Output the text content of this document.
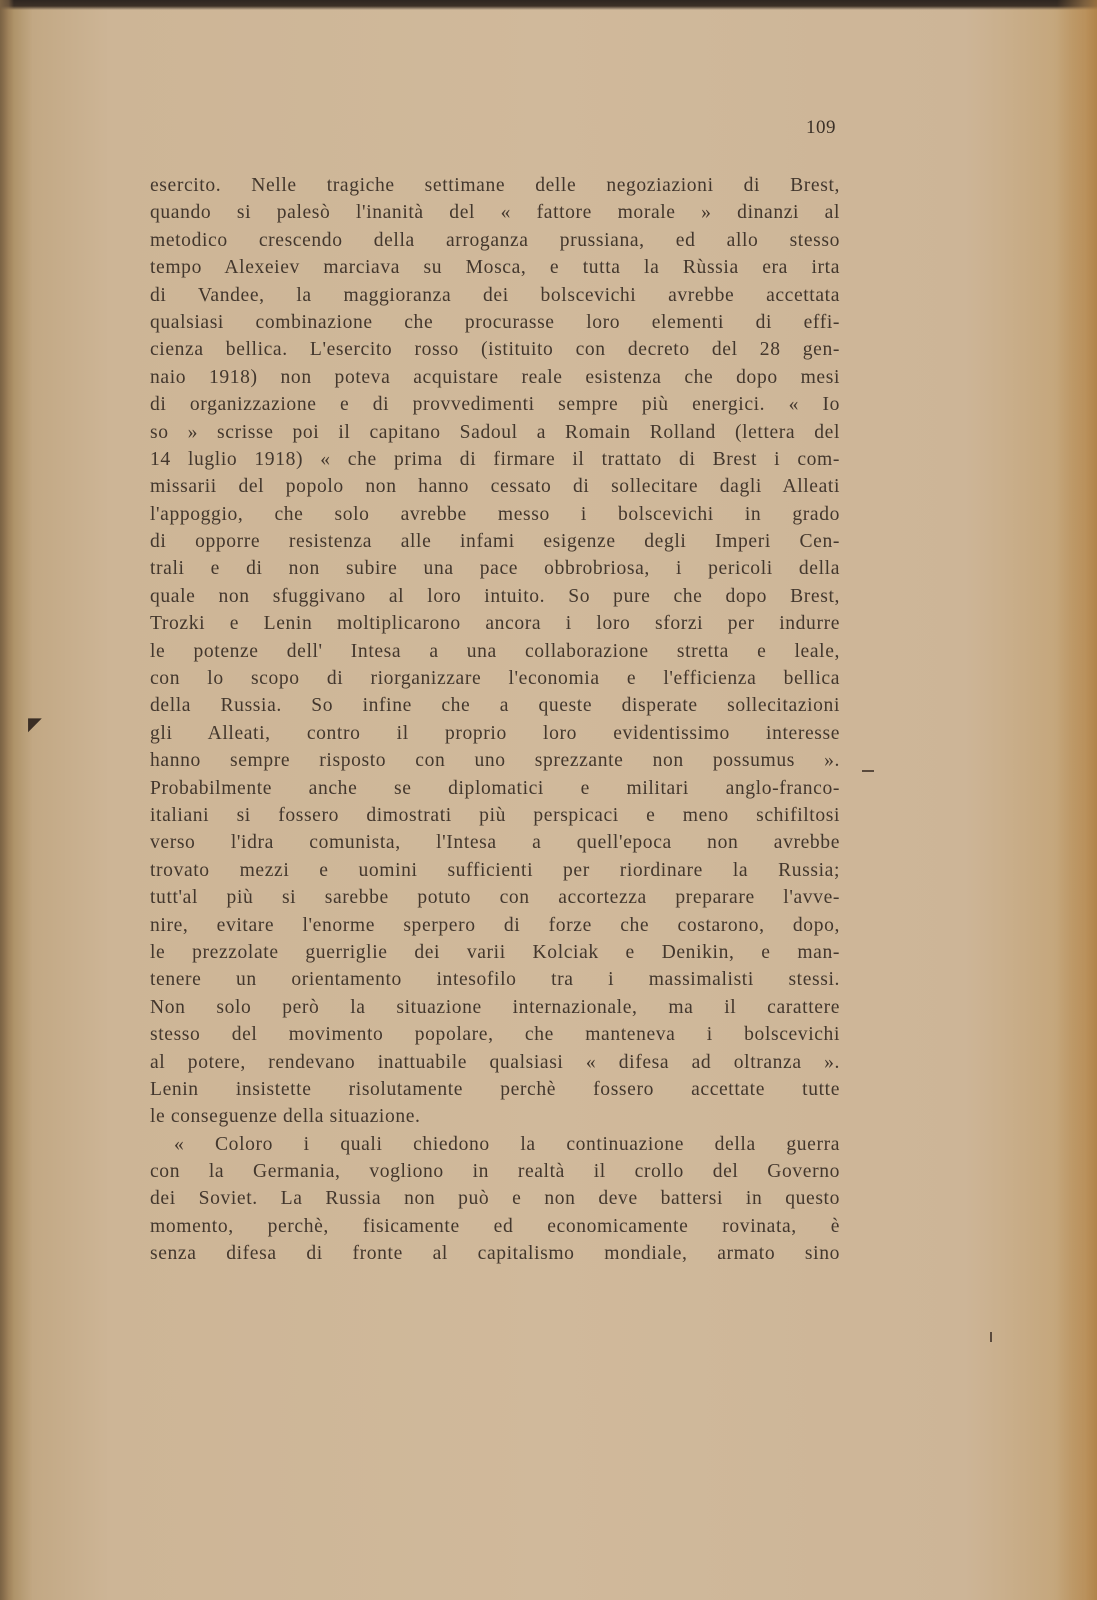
109
esercito. Nelle tragiche settimane delle negoziazioni di Brest,
quando si palesò l'inanità del « fattore morale » dinanzi al
metodico crescendo della arroganza prussiana, ed allo stesso
tempo Alexeiev marciava su Mosca, e tutta la Rùssia era irta
di Vandee, la maggioranza dei bolscevichi avrebbe accettata
qualsiasi combinazione che procurasse loro elementi di effi-
cienza bellica. L'esercito rosso (istituito con decreto del 28 gen-
naio 1918) non poteva acquistare reale esistenza che dopo mesi
di organizzazione e di provvedimenti sempre più energici. « Io
so » scrisse poi il capitano Sadoul a Romain Rolland (lettera del
14 luglio 1918) « che prima di firmare il trattato di Brest i com-
missarii del popolo non hanno cessato di sollecitare dagli Alleati
l'appoggio, che solo avrebbe messo i bolscevichi in grado
di opporre resistenza alle infami esigenze degli Imperi Cen-
trali e di non subire una pace obbrobriosa, i pericoli della
quale non sfuggivano al loro intuito. So pure che dopo Brest,
Trozki e Lenin moltiplicarono ancora i loro sforzi per indurre
le potenze dell' Intesa a una collaborazione stretta e leale,
con lo scopo di riorganizzare l'economia e l'efficienza bellica
della Russia. So infine che a queste disperate sollecitazioni
gli Alleati, contro il proprio loro evidentissimo interesse
hanno sempre risposto con uno sprezzante non possumus ».
Probabilmente anche se diplomatici e militari anglo-franco-
italiani si fossero dimostrati più perspicaci e meno schifiltosi
verso l'idra comunista, l'Intesa a quell'epoca non avrebbe
trovato mezzi e uomini sufficienti per riordinare la Russia;
tutt'al più si sarebbe potuto con accortezza preparare l'avve-
nire, evitare l'enorme sperpero di forze che costarono, dopo,
le prezzolate guerriglie dei varii Kolciak e Denikin, e man-
tenere un orientamento intesofilo tra i massimalisti stessi.
Non solo però la situazione internazionale, ma il carattere
stesso del movimento popolare, che manteneva i bolscevichi
al potere, rendevano inattuabile qualsiasi « difesa ad oltranza ».
Lenin insistette risolutamente perchè fossero accettate tutte
le conseguenze della situazione.
« Coloro i quali chiedono la continuazione della guerra
con la Germania, vogliono in realtà il crollo del Governo
dei Soviet. La Russia non può e non deve battersi in questo
momento, perchè, fisicamente ed economicamente rovinata, è
senza difesa di fronte al capitalismo mondiale, armato sino
◤
